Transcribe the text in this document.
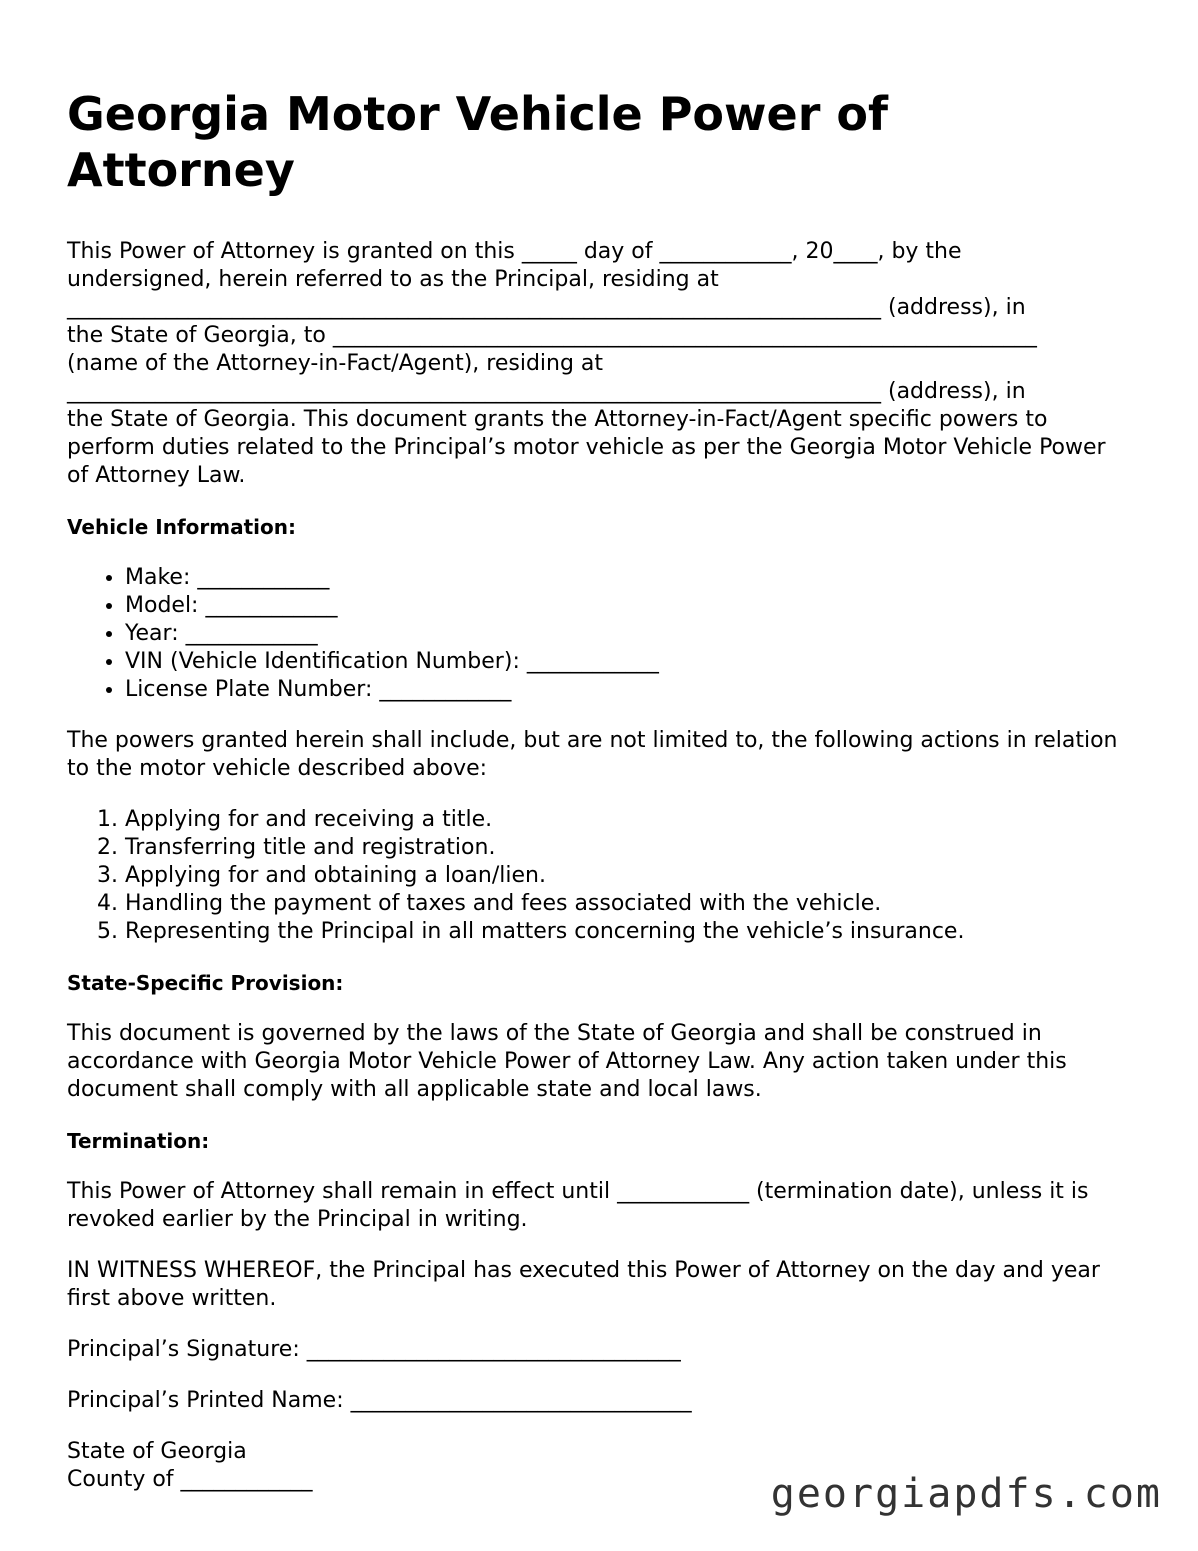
Georgia Motor Vehicle Power of Attorney

This Power of Attorney is granted on this _____ day of ____________, 20____, by the
undersigned, herein referred to as the Principal, residing at
__________________________________________________________________________ (address), in
the State of Georgia, to ________________________________________________________________
(name of the Attorney-in-Fact/Agent), residing at
__________________________________________________________________________ (address), in
the State of Georgia. This document grants the Attorney-in-Fact/Agent specific powers to perform duties related to the Principal’s motor vehicle as per the Georgia Motor Vehicle Power of Attorney Law.

Vehicle Information:

• Make: ____________
• Model: ____________
• Year: ____________
• VIN (Vehicle Identification Number): ____________
• License Plate Number: ____________

The powers granted herein shall include, but are not limited to, the following actions in relation to the motor vehicle described above:

1. Applying for and receiving a title.
2. Transferring title and registration.
3. Applying for and obtaining a loan/lien.
4. Handling the payment of taxes and fees associated with the vehicle.
5. Representing the Principal in all matters concerning the vehicle’s insurance.

State-Specific Provision:

This document is governed by the laws of the State of Georgia and shall be construed in accordance with Georgia Motor Vehicle Power of Attorney Law. Any action taken under this document shall comply with all applicable state and local laws.

Termination:

This Power of Attorney shall remain in effect until ____________ (termination date), unless it is revoked earlier by the Principal in writing.

IN WITNESS WHEREOF, the Principal has executed this Power of Attorney on the day and year first above written.

Principal’s Signature: __________________________________

Principal’s Printed Name: _______________________________

State of Georgia
County of ____________	georgiapdfs.com
